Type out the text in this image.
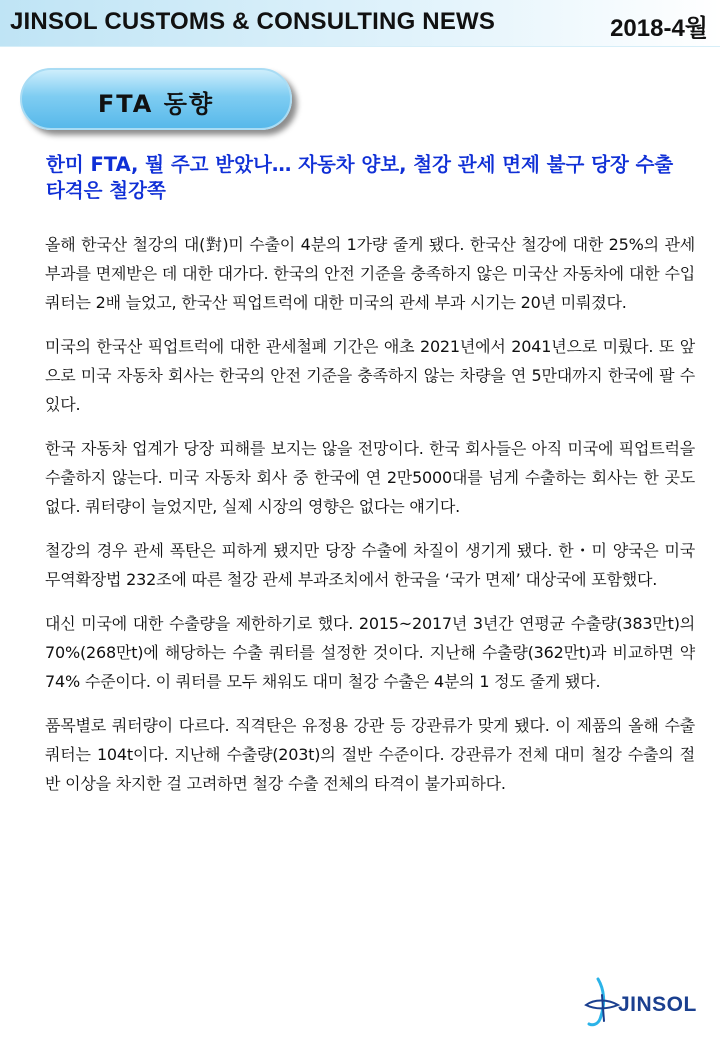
JINSOL CUSTOMS & CONSULTING NEWS	2018-4월
FTA 동향
한미 FTA, 뭘 주고 받았나… 자동차 양보, 철강 관세 면제 불구 당장 수출 타격은 철강쪽

올해 한국산 철강의 대(對)미 수출이 4분의 1가량 줄게 됐다. 한국산 철강에 대한 25%의 관세 부과를 면제받은 데 대한 대가다. 한국의 안전 기준을 충족하지 않은 미국산 자동차에 대한 수입 쿼터는 2배 늘었고, 한국산 픽업트럭에 대한 미국의 관세 부과 시기는 20년 미뤄졌다.

미국의 한국산 픽업트럭에 대한 관세철폐 기간은 애초 2021년에서 2041년으로 미뤘다. 또 앞으로 미국 자동차 회사는 한국의 안전 기준을 충족하지 않는 차량을 연 5만대까지 한국에 팔 수 있다.

한국 자동차 업계가 당장 피해를 보지는 않을 전망이다. 한국 회사들은 아직 미국에 픽업트럭을 수출하지 않는다. 미국 자동차 회사 중 한국에 연 2만5000대를 넘게 수출하는 회사는 한 곳도 없다. 쿼터량이 늘었지만, 실제 시장의 영향은 없다는 얘기다.

철강의 경우 관세 폭탄은 피하게 됐지만 당장 수출에 차질이 생기게 됐다. 한・미 양국은 미국 무역확장법 232조에 따른 철강 관세 부과조치에서 한국을 ‘국가 면제’ 대상국에 포함했다.

대신 미국에 대한 수출량을 제한하기로 했다. 2015~2017년 3년간 연평균 수출량(383만t)의 70%(268만t)에 해당하는 수출 쿼터를 설정한 것이다. 지난해 수출량(362만t)과 비교하면 약 74% 수준이다. 이 쿼터를 모두 채워도 대미 철강 수출은 4분의 1 정도 줄게 됐다.

품목별로 쿼터량이 다르다. 직격탄은 유정용 강관 등 강관류가 맞게 됐다. 이 제품의 올해 수출 쿼터는 104t이다. 지난해 수출량(203t)의 절반 수준이다. 강관류가 전체 대미 철강 수출의 절반 이상을 차지한 걸 고려하면 철강 수출 전체의 타격이 불가피하다.

JINSOL
